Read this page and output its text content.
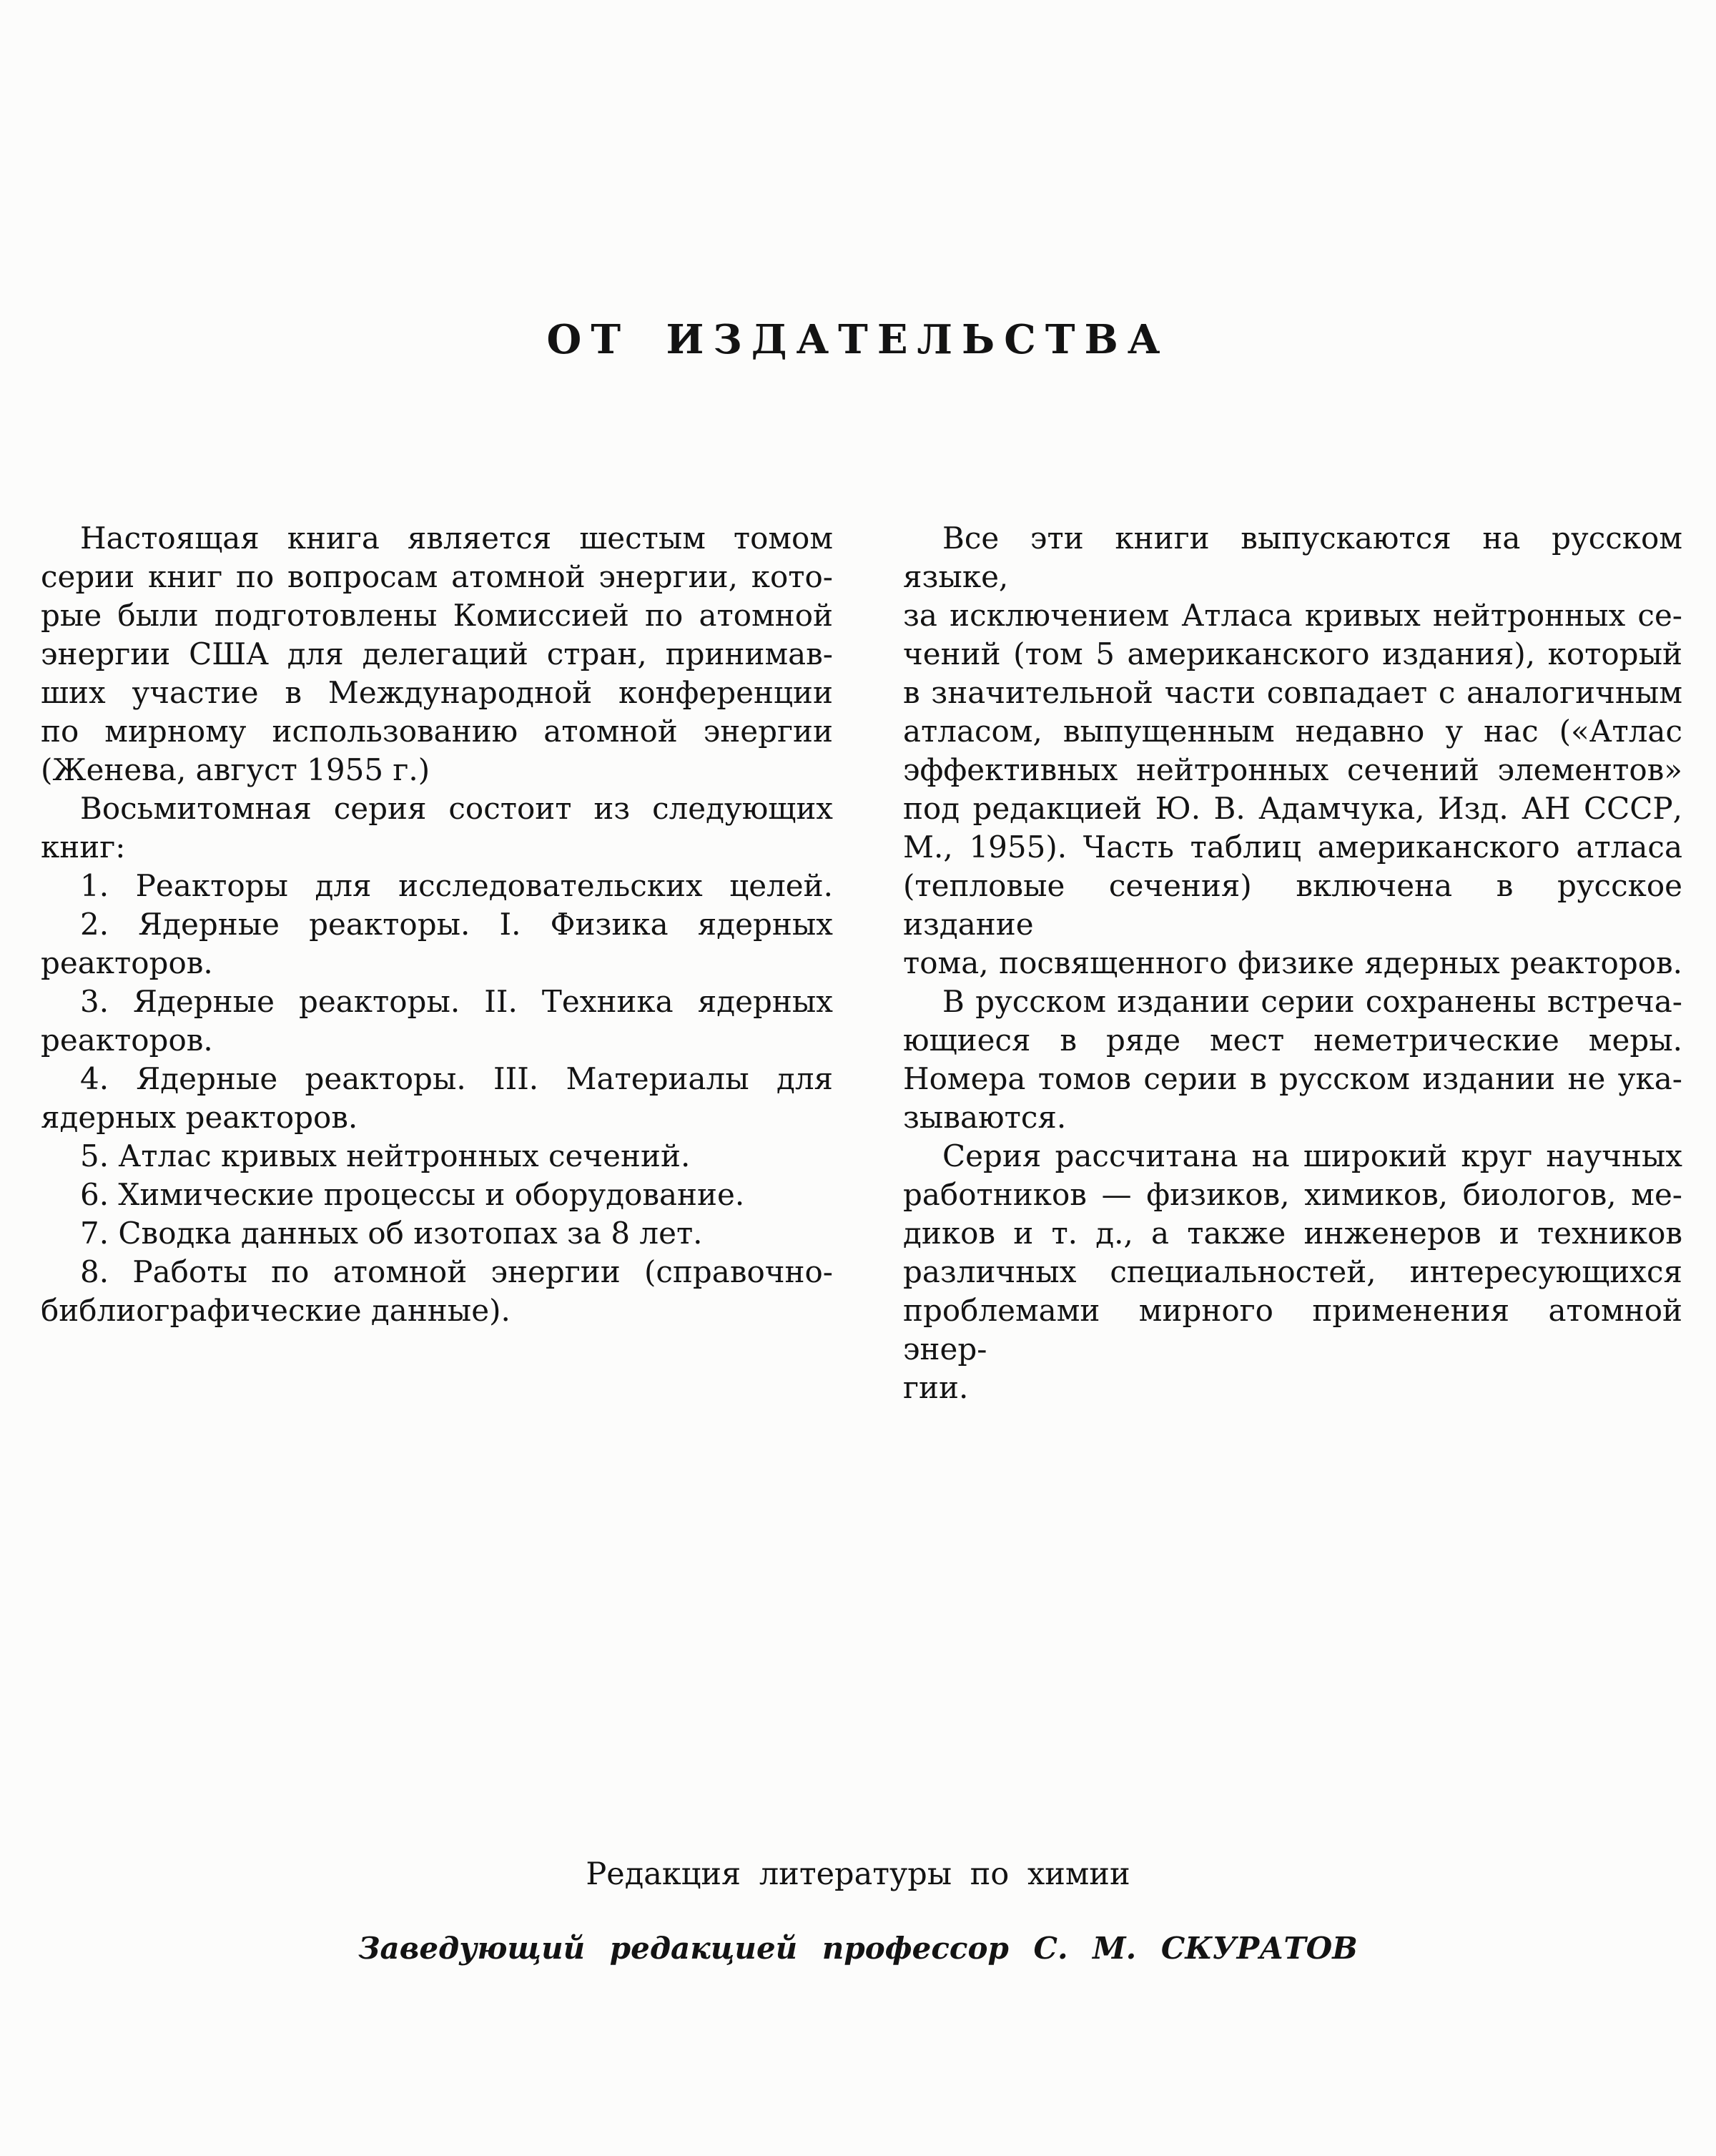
ОТ ИЗДАТЕЛЬСТВА
Настоящая книга является шестым томом
серии книг по вопросам атомной энергии, кото-
рые были подготовлены Комиссией по атомной
энергии США для делегаций стран, принимав-
ших участие в Международной конференции
по мирному использованию атомной энергии
(Женева, август 1955 г.)
Восьмитомная серия состоит из следующих
книг:
1. Реакторы для исследовательских целей.
2. Ядерные реакторы. I. Физика ядерных
реакторов.
3. Ядерные реакторы. II. Техника ядерных
реакторов.
4. Ядерные реакторы. III. Материалы для
ядерных реакторов.
5. Атлас кривых нейтронных сечений.
6. Химические процессы и оборудование.
7. Сводка данных об изотопах за 8 лет.
8. Работы по атомной энергии (справочно-
библиографические данные).
Все эти книги выпускаются на русском языке,
за исключением Атласа кривых нейтронных се-
чений (том 5 американского издания), который
в значительной части совпадает с аналогичным
атласом, выпущенным недавно у нас («Атлас
эффективных нейтронных сечений элементов»
под редакцией Ю. В. Адамчука, Изд. АН СССР,
М., 1955). Часть таблиц американского атласа
(тепловые сечения) включена в русское издание
тома, посвященного физике ядерных реакторов.
В русском издании серии сохранены встреча-
ющиеся в ряде мест неметрические меры.
Номера томов серии в русском издании не ука-
зываются.
Серия рассчитана на широкий круг научных
работников — физиков, химиков, биологов, ме-
диков и т. д., а также инженеров и техников
различных специальностей, интересующихся
проблемами мирного применения атомной энер-
гии.
Редакция литературы по химии
Заведующий редакцией профессор С. М. СКУРАТОВ
